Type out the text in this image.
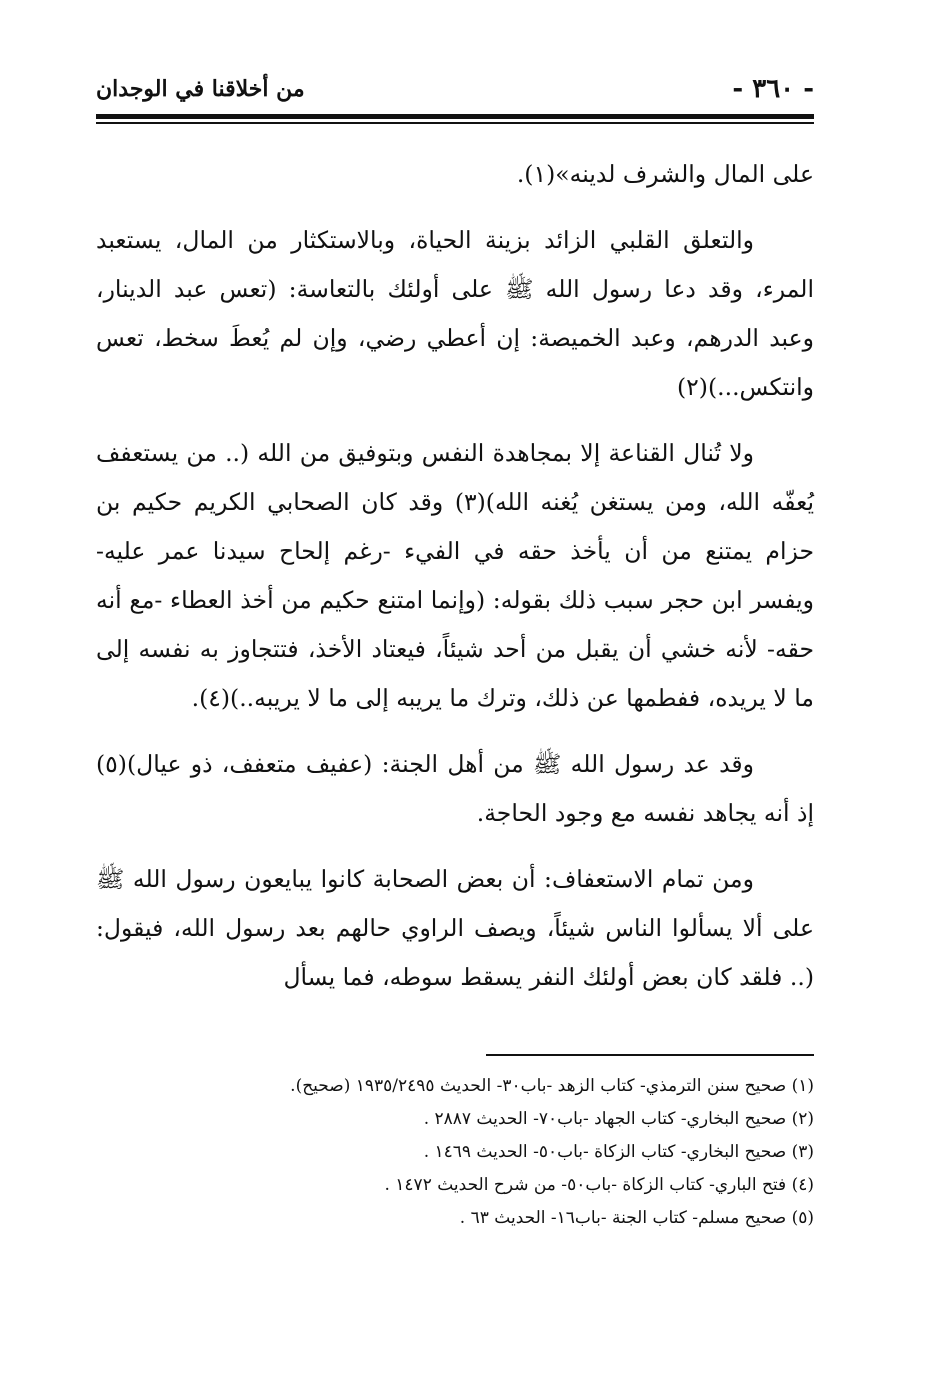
- ٣٦٠ -
من أخلاقنا في الوجدان

على المال والشرف لدينه»(١).

والتعلق القلبي الزائد بزينة الحياة، وبالاستكثار من المال، يستعبد المرء، وقد دعا رسول الله ﷺ على أولئك بالتعاسة: (تعس عبد الدينار، وعبد الدرهم، وعبد الخميصة: إن أعطي رضي، وإن لم يُعطَ سخط، تعس وانتكس...)(٢)

ولا تُنال القناعة إلا بمجاهدة النفس وبتوفيق من الله (.. من يستعفف يُعفّه الله، ومن يستغن يُغنه الله)(٣) وقد كان الصحابي الكريم حكيم بن حزام يمتنع من أن يأخذ حقه في الفيء -رغم إلحاح سيدنا عمر عليه- ويفسر ابن حجر سبب ذلك بقوله: (وإنما امتنع حكيم من أخذ العطاء -مع أنه حقه- لأنه خشي أن يقبل من أحد شيئاً، فيعتاد الأخذ، فتتجاوز به نفسه إلى ما لا يريده، ففطمها عن ذلك، وترك ما يريبه إلى ما لا يريبه..)(٤).

وقد عد رسول الله ﷺ من أهل الجنة: (عفيف متعفف، ذو عيال)(٥) إذ أنه يجاهد نفسه مع وجود الحاجة.

ومن تمام الاستعفاف: أن بعض الصحابة كانوا يبايعون رسول الله ﷺ على ألا يسألوا الناس شيئاً، ويصف الراوي حالهم بعد رسول الله، فيقول: (.. فلقد كان بعض أولئك النفر يسقط سوطه، فما يسأل

(١) صحيح سنن الترمذي- كتاب الزهد -باب٣٠- الحديث ١٩٣٥/٢٤٩٥ (صحيح).

(٢) صحيح البخاري- كتاب الجهاد -باب٧٠- الحديث ٢٨٨٧ .

(٣) صحيح البخاري- كتاب الزكاة -باب٥٠- الحديث ١٤٦٩ .

(٤) فتح الباري- كتاب الزكاة -باب٥٠- من شرح الحديث ١٤٧٢ .

(٥) صحيح مسلم- كتاب الجنة -باب١٦- الحديث ٦٣ .
